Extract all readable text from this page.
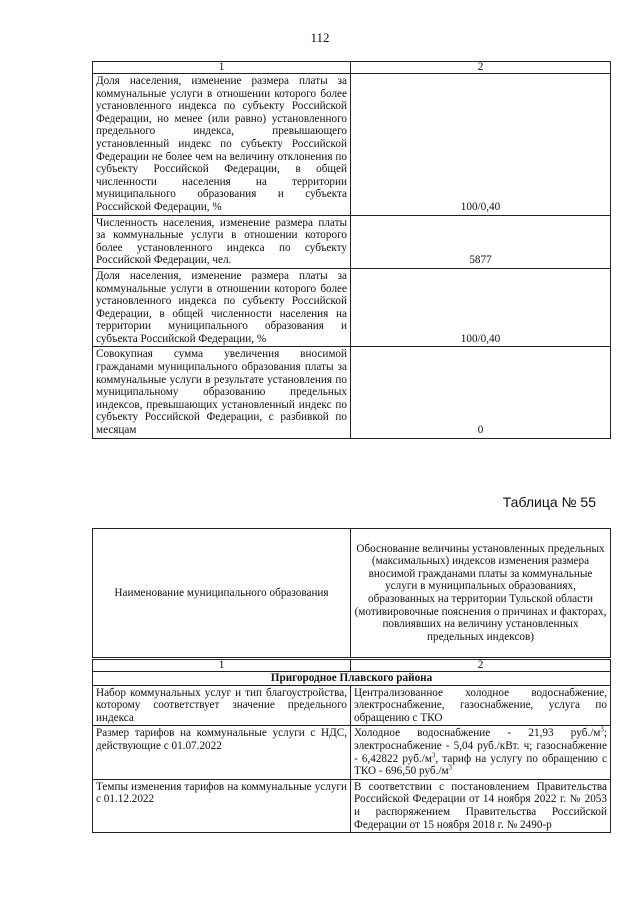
112
1	2
Доля населения, изменение размера платы за коммунальные услуги в отношении которого более установленного индекса по субъекту Российской Федерации, но менее (или равно) установленного предельного индекса, превышающего установленный индекс по субъекту Российской Федерации не более чем на величину отклонения по субъекту Российской Федерации, в общей численности населения на территории муниципального образования и субъекта Российской Федерации, %	100/0,40
Численность населения, изменение размера платы за коммунальные услуги в отношении которого более установленного индекса по субъекту Российской Федерации, чел.	5877
Доля населения, изменение размера платы за коммунальные услуги в отношении которого более установленного индекса по субъекту Российской Федерации, в общей численности населения на территории муниципального образования и субъекта Российской Федерации, %	100/0,40
Совокупная сумма увеличения вносимой гражданами муниципального образования платы за коммунальные услуги в результате установления по муниципальному образованию предельных индексов, превышающих установленный индекс по субъекту Российской Федерации, с разбивкой по месяцам	0
Таблица № 55
Наименование муниципального образования	Обоснование величины установленных предельных (максимальных) индексов изменения размера вносимой гражданами платы за коммунальные услуги в муниципальных образованиях, образованных на территории Тульской области (мотивировочные пояснения о причинах и факторах, повлиявших на величину установленных предельных индексов)
1	2
Пригородное Плавского района	
Набор коммунальных услуг и тип благоустройства, которому соответствует значение предельного индекса	Централизованное холодное водоснабжение, электроснабжение, газоснабжение, услуга по обращению с ТКО
Размер тарифов на коммунальные услуги с НДС, действующие с 01.07.2022	Холодное водоснабжение - 21,93 $руб./м^3$; электроснабжение - 5,04 руб./кВт. ч; газоснабжение - 6,42822 $руб./м^3$, тариф на услугу по обращению с ТКО - 696,50 $руб./м^3$
Темпы изменения тарифов на коммунальные услуги с 01.12.2022	В соответствии с постановлением Правительства Российской Федерации от 14 ноября 2022 г. № 2053 и распоряжением Правительства Российской Федерации от 15 ноября 2018 г. № 2490-р
